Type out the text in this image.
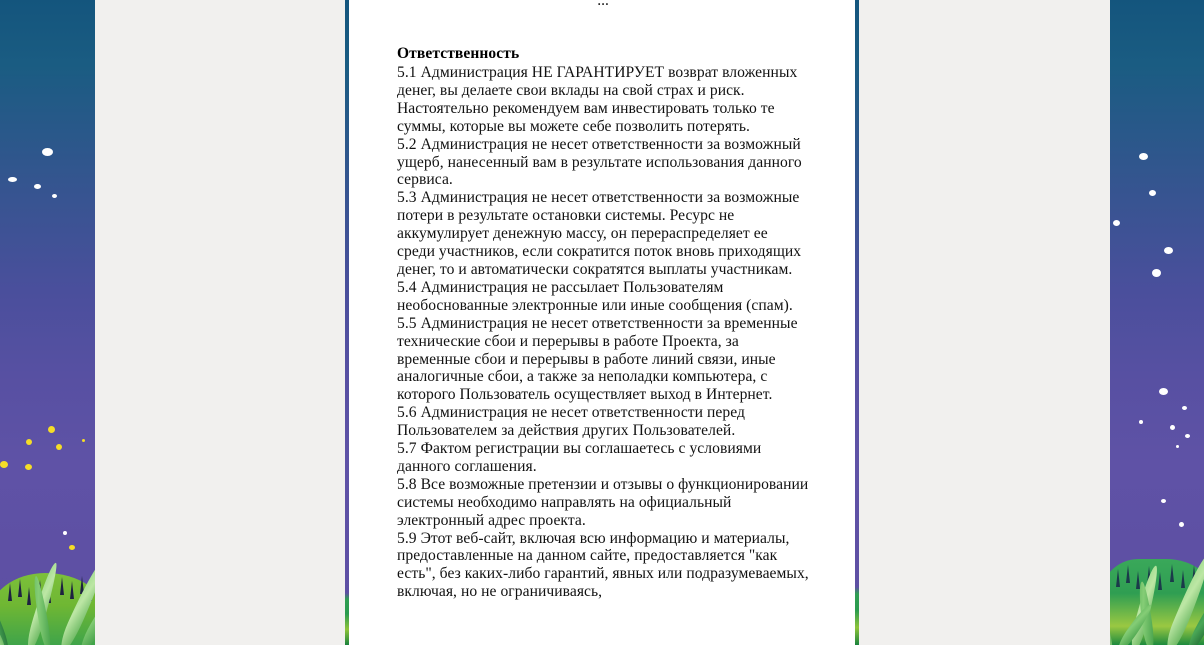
...
Ответственность

5.1 Администрация НЕ ГАРАНТИРУЕТ возврат вложенных денег, вы делаете свои вклады на свой страх и риск. Настоятельно рекомендуем вам инвестировать только те суммы, которые вы можете себе позволить потерять.

5.2 Администрация не несет ответственности за возможный ущерб, нанесенный вам в результате использования данного сервиса.

5.3 Администрация не несет ответственности за возможные потери в результате остановки системы. Ресурс не аккумулирует денежную массу, он перераспределяет ее среди участников, если сократится поток вновь приходящих денег, то и автоматически сократятся выплаты участникам.

5.4 Администрация не рассылает Пользователям необоснованные электронные или иные сообщения (спам).

5.5 Администрация не несет ответственности за временные технические сбои и перерывы в работе Проекта, за временные сбои и перерывы в работе линий связи, иные аналогичные сбои, а также за неполадки компьютера, с которого Пользователь осуществляет выход в Интернет.

5.6 Администрация не несет ответственности перед Пользователем за действия других Пользователей.

5.7 Фактом регистрации вы соглашаетесь с условиями данного соглашения.

5.8 Все возможные претензии и отзывы о функционировании системы необходимо направлять на официальный электронный адрес проекта.

5.9 Этот веб-сайт, включая всю информацию и материалы, предоставленные на данном сайте, предоставляется "как есть", без каких-либо гарантий, явных или подразумеваемых, включая, но не ограничиваясь,
